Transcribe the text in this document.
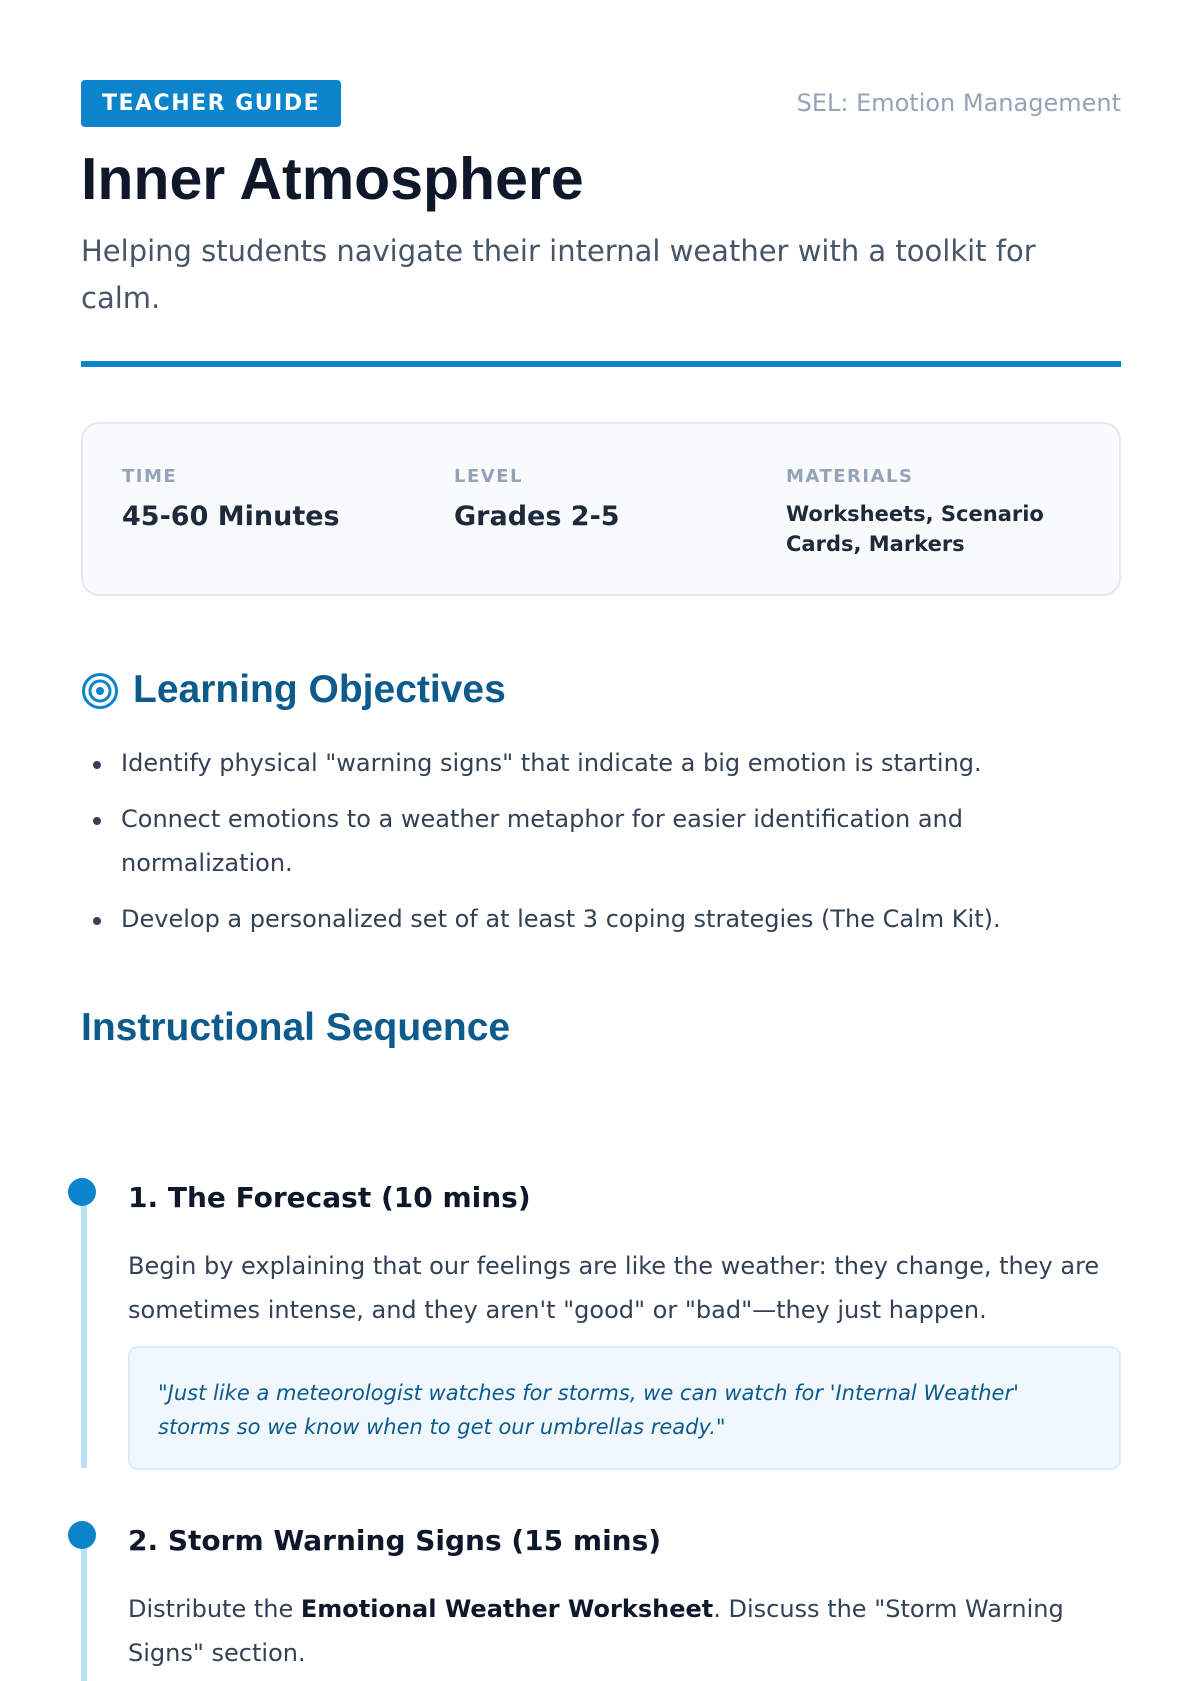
TEACHER GUIDE	SEL: Emotion Management
Inner Atmosphere

Helping students navigate their internal weather with a toolkit for calm.

TIME
45-60 Minutes
LEVEL
Grades 2-5
MATERIALS
Worksheets, Scenario Cards, Markers
Learning Objectives
Identify physical "warning signs" that indicate a big emotion is starting.
Connect emotions to a weather metaphor for easier identification and normalization.
Develop a personalized set of at least 3 coping strategies (The Calm Kit).
Instructional Sequence
1. The Forecast (10 mins)
Begin by explaining that our feelings are like the weather: they change, they are sometimes intense, and they aren't "good" or "bad"—they just happen.
"Just like a meteorologist watches for storms, we can watch for 'Internal Weather' storms so we know when to get our umbrellas ready."
2. Storm Warning Signs (15 mins)
Distribute the Emotional Weather Worksheet. Discuss the "Storm Warning Signs" section.
